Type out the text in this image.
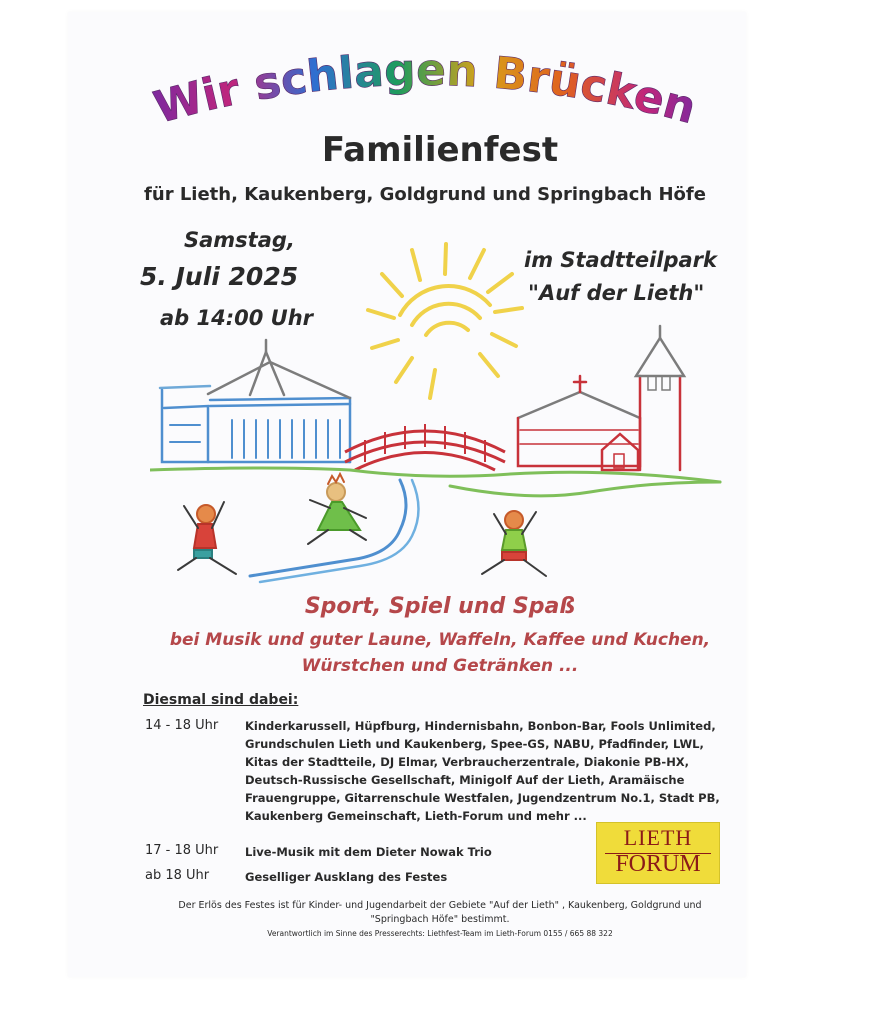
Wir schlagen Brücken
Familienfest
für Lieth, Kaukenberg, Goldgrund und Springbach Höfe
Samstag,
5. Juli 2025
ab 14:00 Uhr
im Stadtteilpark
"Auf der Lieth"
Sport, Spiel und Spaß
bei Musik und guter Laune, Waffeln, Kaffee und Kuchen,
Würstchen und Getränken ...
Diesmal sind dabei:
14 - 18 Uhr Kinderkarussell, Hüpfburg, Hindernisbahn, Bonbon-Bar, Fools Unlimited,
Grundschulen Lieth und Kaukenberg, Spee-GS, NABU, Pfadfinder, LWL,
Kitas der Stadtteile, DJ Elmar, Verbraucherzentrale, Diakonie PB-HX,
Deutsch-Russische Gesellschaft, Minigolf Auf der Lieth, Aramäische
Frauengruppe, Gitarrenschule Westfalen, Jugendzentrum No.1, Stadt PB,
Kaukenberg Gemeinschaft, Lieth-Forum und mehr ...
17 - 18 Uhr Live-Musik mit dem Dieter Nowak Trio
ab 18 Uhr	Geselliger Ausklang des Festes
LIETH
FORUM
Der Erlös des Festes ist für Kinder- und Jugendarbeit der Gebiete "Auf der Lieth" , Kaukenberg, Goldgrund und
"Springbach Höfe" bestimmt.
Verantwortlich im Sinne des Presserechts: Liethfest-Team im Lieth-Forum 0155 / 665 88 322
